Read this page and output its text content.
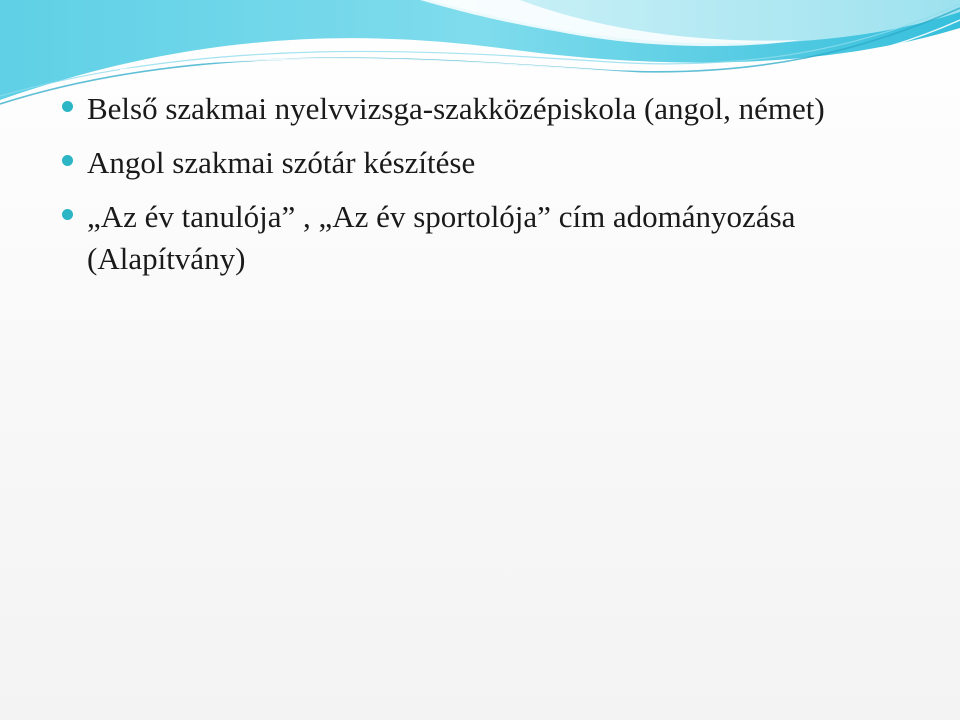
Belső szakmai nyelvvizsga-szakközépiskola (angol, német)
Angol szakmai szótár készítése
„Az év tanulója” , „Az év sportolója” cím adományozása (Alapítvány)
